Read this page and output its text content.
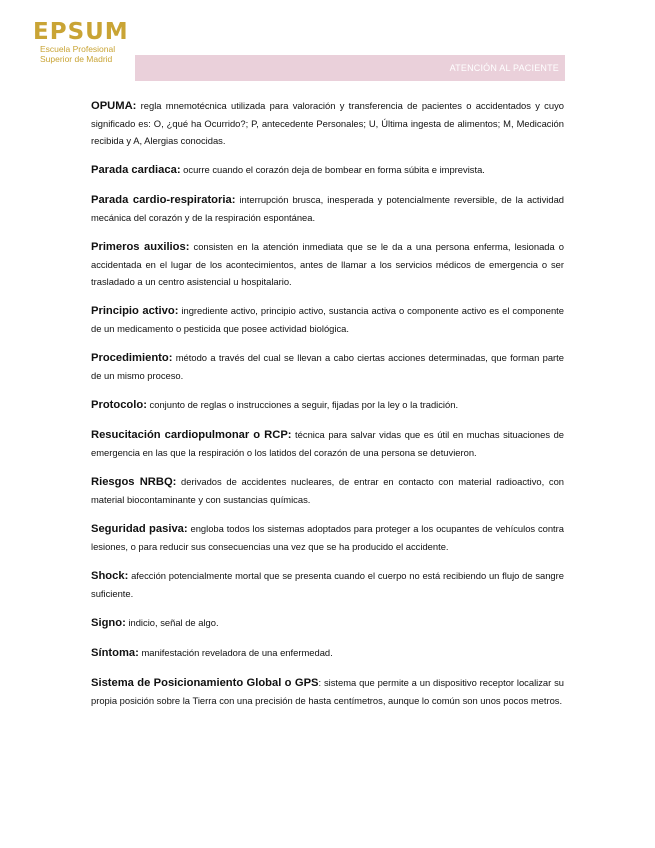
EPSUM
Escuela Profesional
Superior de Madrid
ATENCIÓN AL PACIENTE

OPUMA: regla mnemotécnica utilizada para valoración y transferencia de pacientes o accidentados y cuyo significado es: O, ¿qué ha Ocurrido?; P, antecedente Personales; U, Última ingesta de alimentos; M, Medicación recibida y A, Alergias conocidas.

Parada cardiaca: ocurre cuando el corazón deja de bombear en forma súbita e imprevista.

Parada cardio-respiratoria: interrupción brusca, inesperada y potencialmente reversible, de la actividad mecánica del corazón y de la respiración espontánea.

Primeros auxilios: consisten en la atención inmediata que se le da a una persona enferma, lesionada o accidentada en el lugar de los acontecimientos, antes de llamar a los servicios médicos de emergencia o ser trasladado a un centro asistencial u hospitalario.

Principio activo: ingrediente activo, principio activo, sustancia activa o componente activo es el componente de un medicamento o pesticida que posee actividad biológica.

Procedimiento: método a través del cual se llevan a cabo ciertas acciones determinadas, que forman parte de un mismo proceso.

Protocolo: conjunto de reglas o instrucciones a seguir, fijadas por la ley o la tradición.

Resucitación cardiopulmonar o RCP: técnica para salvar vidas que es útil en muchas situaciones de emergencia en las que la respiración o los latidos del corazón de una persona se detuvieron.

Riesgos NRBQ: derivados de accidentes nucleares, de entrar en contacto con material radioactivo, con material biocontaminante y con sustancias químicas.

Seguridad pasiva: engloba todos los sistemas adoptados para proteger a los ocupantes de vehículos contra lesiones, o para reducir sus consecuencias una vez que se ha producido el accidente.

Shock: afección potencialmente mortal que se presenta cuando el cuerpo no está recibiendo un flujo de sangre suficiente.

Signo: indicio, señal de algo.

Síntoma: manifestación reveladora de una enfermedad.

Sistema de Posicionamiento Global o GPS: sistema que permite a un dispositivo receptor localizar su propia posición sobre la Tierra con una precisión de hasta centímetros, aunque lo común son unos pocos metros.
